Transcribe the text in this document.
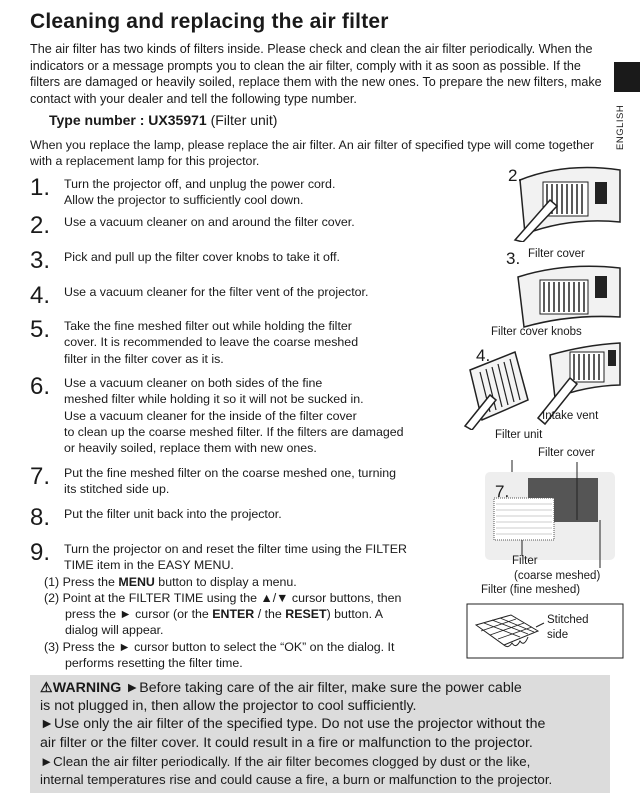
Cleaning and replacing the air filter
The air filter has two kinds of filters inside. Please check and clean the air filter periodically. When the indicators or a message prompts you to clean the air filter, comply with it as soon as possible. If the filters are damaged or heavily soiled, replace them with the new ones. To prepare the new filters, make contact with your dealer and tell the following type number.
Type number : UX35971 (Filter unit)
When you replace the lamp, please replace the air filter. An air filter of specified type will come together with a replacement lamp for this projector.
ENGLISH
1. Turn the projector off, and unplug the power cord.
Allow the projector to sufficiently cool down.
2. Use a vacuum cleaner on and around the filter cover.
3. Pick and pull up the filter cover knobs to take it off.
4. Use a vacuum cleaner for the filter vent of the projector.
5. Take the fine meshed filter out while holding the filter
cover. It is recommended to leave the coarse meshed
filter in the filter cover as it is.
6. Use a vacuum cleaner on both sides of the fine
meshed filter while holding it so it will not be sucked in.
Use a vacuum cleaner for the inside of the filter cover
to clean up the coarse meshed filter. If the filters are damaged
or heavily soiled, replace them with new ones.
7. Put the fine meshed filter on the coarse meshed one, turning
its stitched side up.
8. Put the filter unit back into the projector.
9. Turn the projector on and reset the filter time using the FILTER
TIME item in the EASY MENU.
(1) Press the MENU button to display a menu.
(2) Point at the FILTER TIME using the ▲/▼ cursor buttons, then
press the ► cursor (or the ENTER / the RESET) button. A
dialog will appear.
(3) Press the ► cursor button to select the “OK” on the dialog. It
performs resetting the filter time.
2.
3. Filter cover
Filter cover knobs
4.
Intake vent
Filter unit
Filter cover
7.
Filter
(coarse meshed)
Filter (fine meshed)
Stitched
side

⚠WARNING ►Before taking care of the air filter, make sure the power cable

is not plugged in, then allow the projector to cool sufficiently.

►Use only the air filter of the specified type. Do not use the projector without the

air filter or the filter cover. It could result in a fire or malfunction to the projector.

►Clean the air filter periodically. If the air filter becomes clogged by dust or the like,

internal temperatures rise and could cause a fire, a burn or malfunction to the projector.
